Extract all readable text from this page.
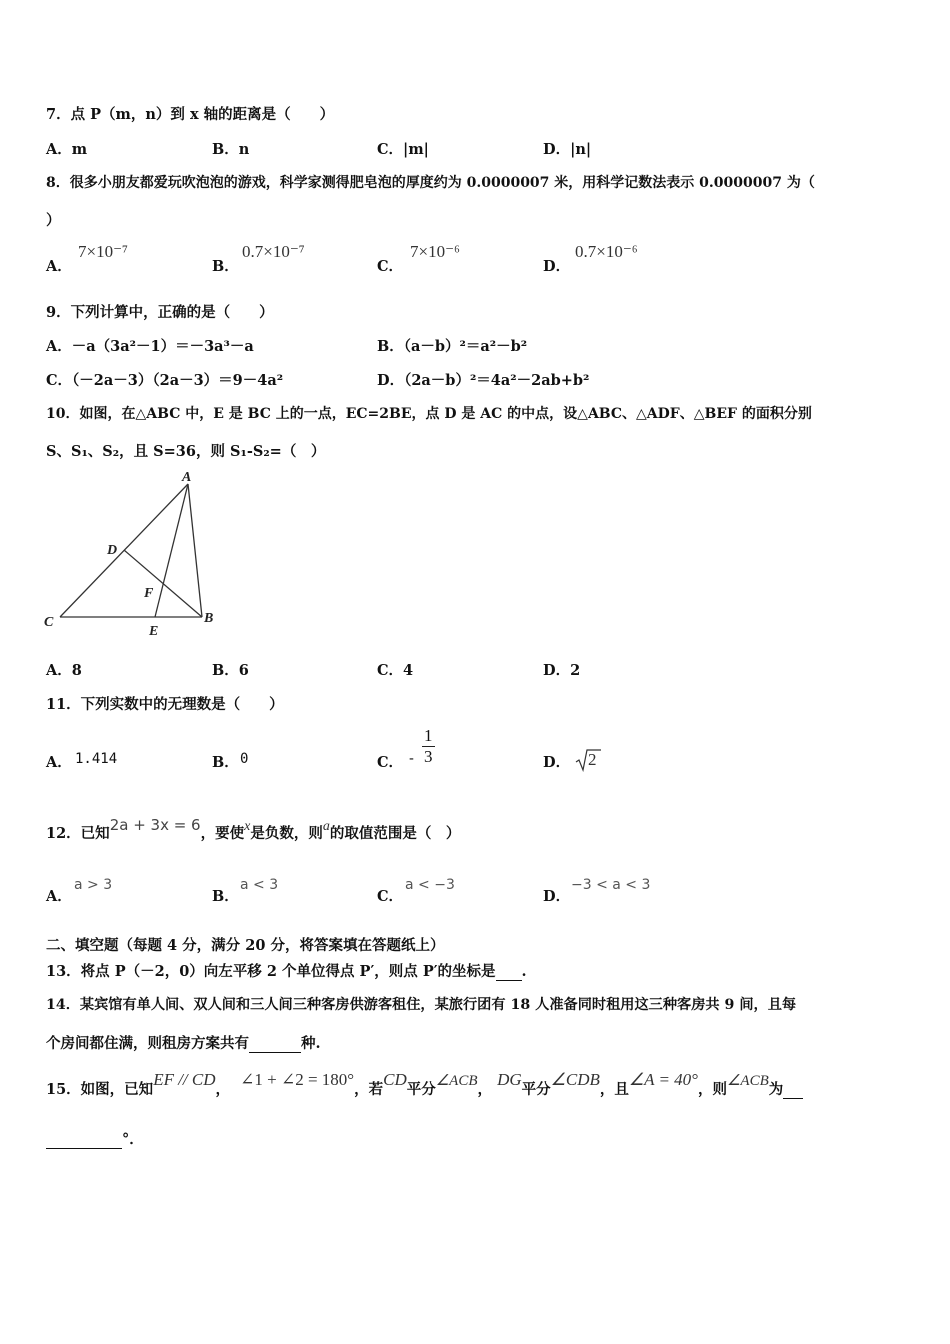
7．点 P（m，n）到 x 轴的距离是（　　）
A．m	B．n	C．|m|	D．|n|
8．很多小朋友都爱玩吹泡泡的游戏，科学家测得肥皂泡的厚度约为 0.0000007 米，用科学记数法表示 0.0000007 为（
）
A．
7×10⁻⁷
B．
0.7×10⁻⁷
C．
7×10⁻⁶
D．
0.7×10⁻⁶
9．下列计算中，正确的是（　　）
A．－a（3a²－1）＝－3a³－a	B．（a－b）²＝a²－b²
C．（－2a－3）（2a－3）＝9－4a²	D．（2a－b）²＝4a²－2ab+b²
10．如图，在△ABC 中，E 是 BC 上的一点，EC=2BE，点 D 是 AC 的中点，设△ABC、△ADF、△BEF 的面积分别
S、S₁、S₂，且 S=36，则 S₁-S₂=（　）
A
B
C
D
E
F
A．8	B．6	C．4	D．2
11．下列实数中的无理数是（　　）
A． 1.414	B． 0	C． - $\frac{1}{3}$	D． 2
12．已知2a + 3x = 6，要使x是负数，则a的取值范围是（　）
A．
a > 3
B．
a < 3
C．
a < −3
D．
−3 < a < 3
二、填空题（每题 4 分，满分 20 分，将答案填在答题纸上）
13．将点 P（－2，0）向左平移 2 个单位得点 P′，则点 P′的坐标是 .
14．某宾馆有单人间、双人间和三人间三种客房供游客租住，某旅行团有 18 人准备同时租用这三种客房共 9 间，且每
个房间都住满，则租房方案共有	种.
15．如图，已知EF // CD，  ∠1 + ∠2 = 180°，若CD平分∠ACB， DG平分∠CDB，且∠A = 40°，则∠ACB为
°．
